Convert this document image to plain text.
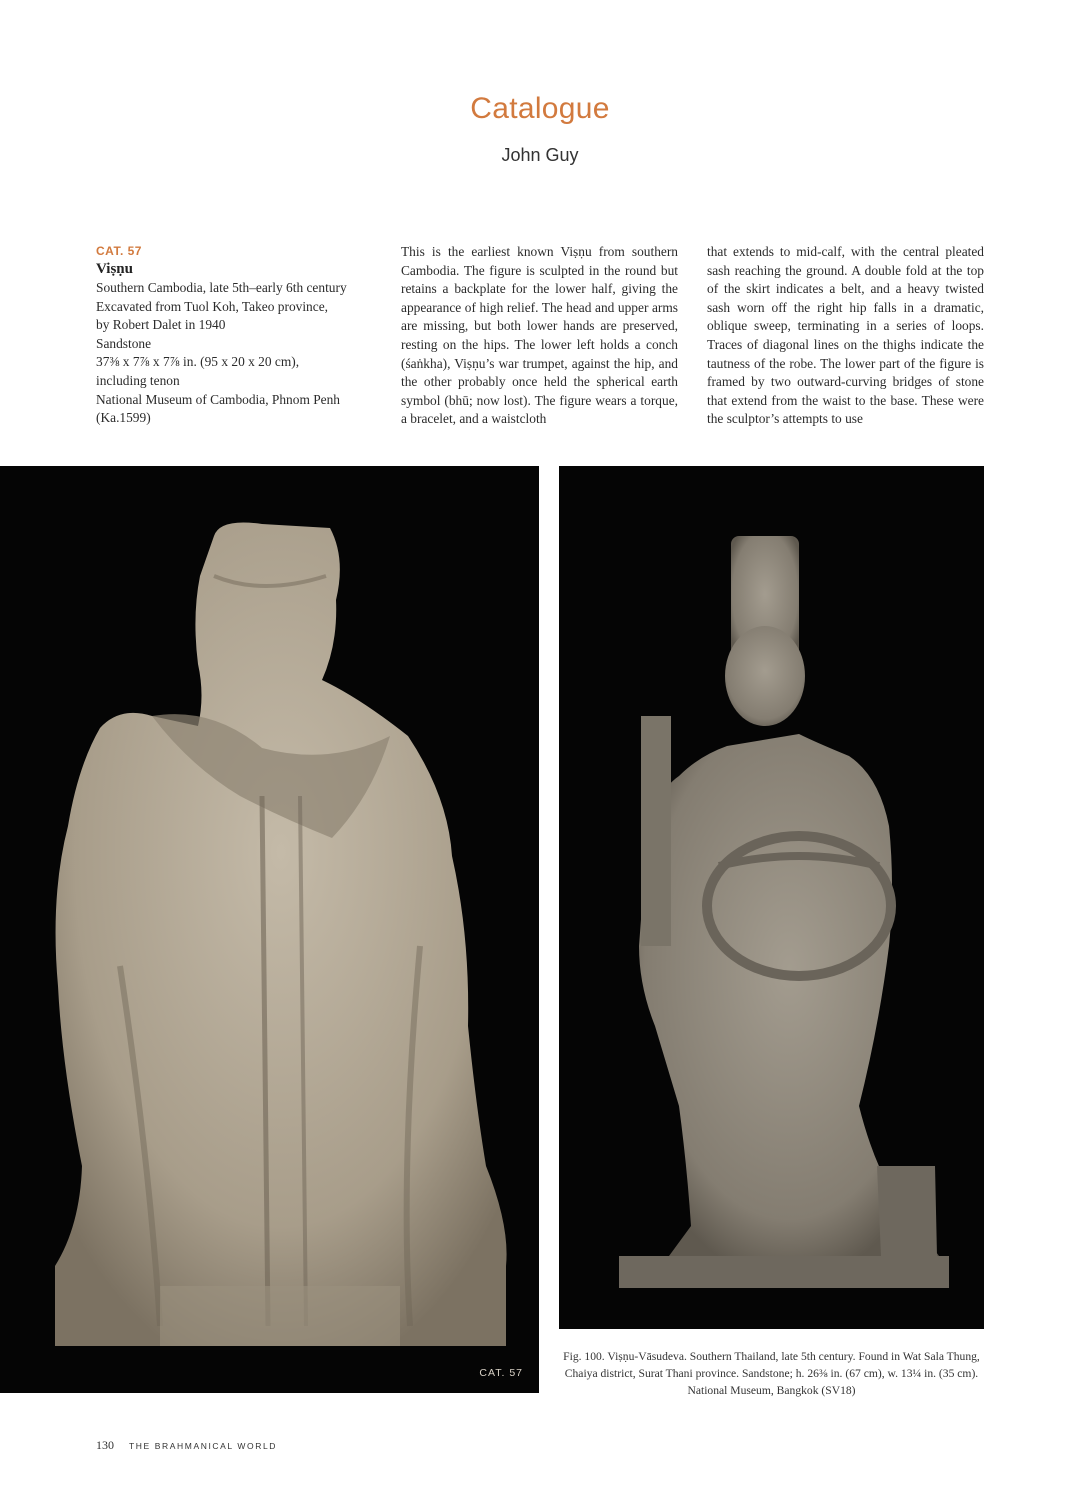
Catalogue
John Guy
CAT. 57
Viṣṇu
Southern Cambodia, late 5th–early 6th century
Excavated from Tuol Koh, Takeo province,
by Robert Dalet in 1940
Sandstone
37⅜ x 7⅞ x 7⅞ in. (95 x 20 x 20 cm),
including tenon
National Museum of Cambodia, Phnom Penh
(Ka.1599)
This is the earliest known Viṣṇu from southern Cambodia. The figure is sculpted in the round but retains a backplate for the lower half, giving the appearance of high relief. The head and upper arms are missing, but both lower hands are preserved, resting on the hips. The lower left holds a conch (śaṅkha), Viṣṇu’s war trumpet, against the hip, and the other probably once held the spherical earth symbol (bhū; now lost). The figure wears a torque, a bracelet, and a waistcloth
that extends to mid-calf, with the central pleated sash reaching the ground. A double fold at the top of the skirt indicates a belt, and a heavy twisted sash worn off the right hip falls in a dramatic, oblique sweep, terminating in a series of loops. Traces of diagonal lines on the thighs indicate the tautness of the robe. The lower part of the figure is framed by two outward-curving bridges of stone that extend from the waist to the base. These were the sculptor’s attempts to use
CAT. 57
Fig. 100. Viṣṇu-Vāsudeva. Southern Thailand, late 5th century. Found in Wat Sala Thung, Chaiya district, Surat Thani province. Sandstone; h. 26⅜ in. (67 cm), w. 13¼ in. (35 cm). National Museum, Bangkok (SV18)
130 THE BRAHMANICAL WORLD
